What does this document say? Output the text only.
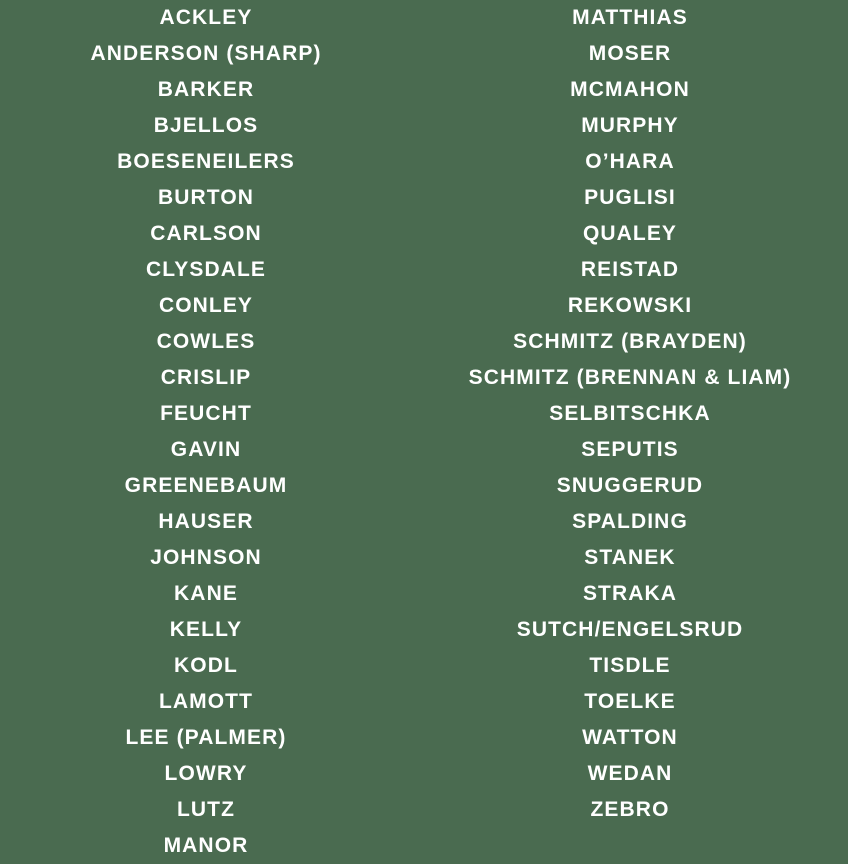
ACKLEY
ANDERSON (SHARP)
BARKER
BJELLOS
BOESENEILERS
BURTON
CARLSON
CLYSDALE
CONLEY
COWLES
CRISLIP
FEUCHT
GAVIN
GREENEBAUM
HAUSER
JOHNSON
KANE
KELLY
KODL
LAMOTT
LEE (PALMER)
LOWRY
LUTZ
MANOR
MATTHIAS
MOSER
MCMAHON
MURPHY
O’HARA
PUGLISI
QUALEY
REISTAD
REKOWSKI
SCHMITZ (BRAYDEN)
SCHMITZ (BRENNAN & LIAM)
SELBITSCHKA
SEPUTIS
SNUGGERUD
SPALDING
STANEK
STRAKA
SUTCH/ENGELSRUD
TISDLE
TOELKE
WATTON
WEDAN
ZEBRO
